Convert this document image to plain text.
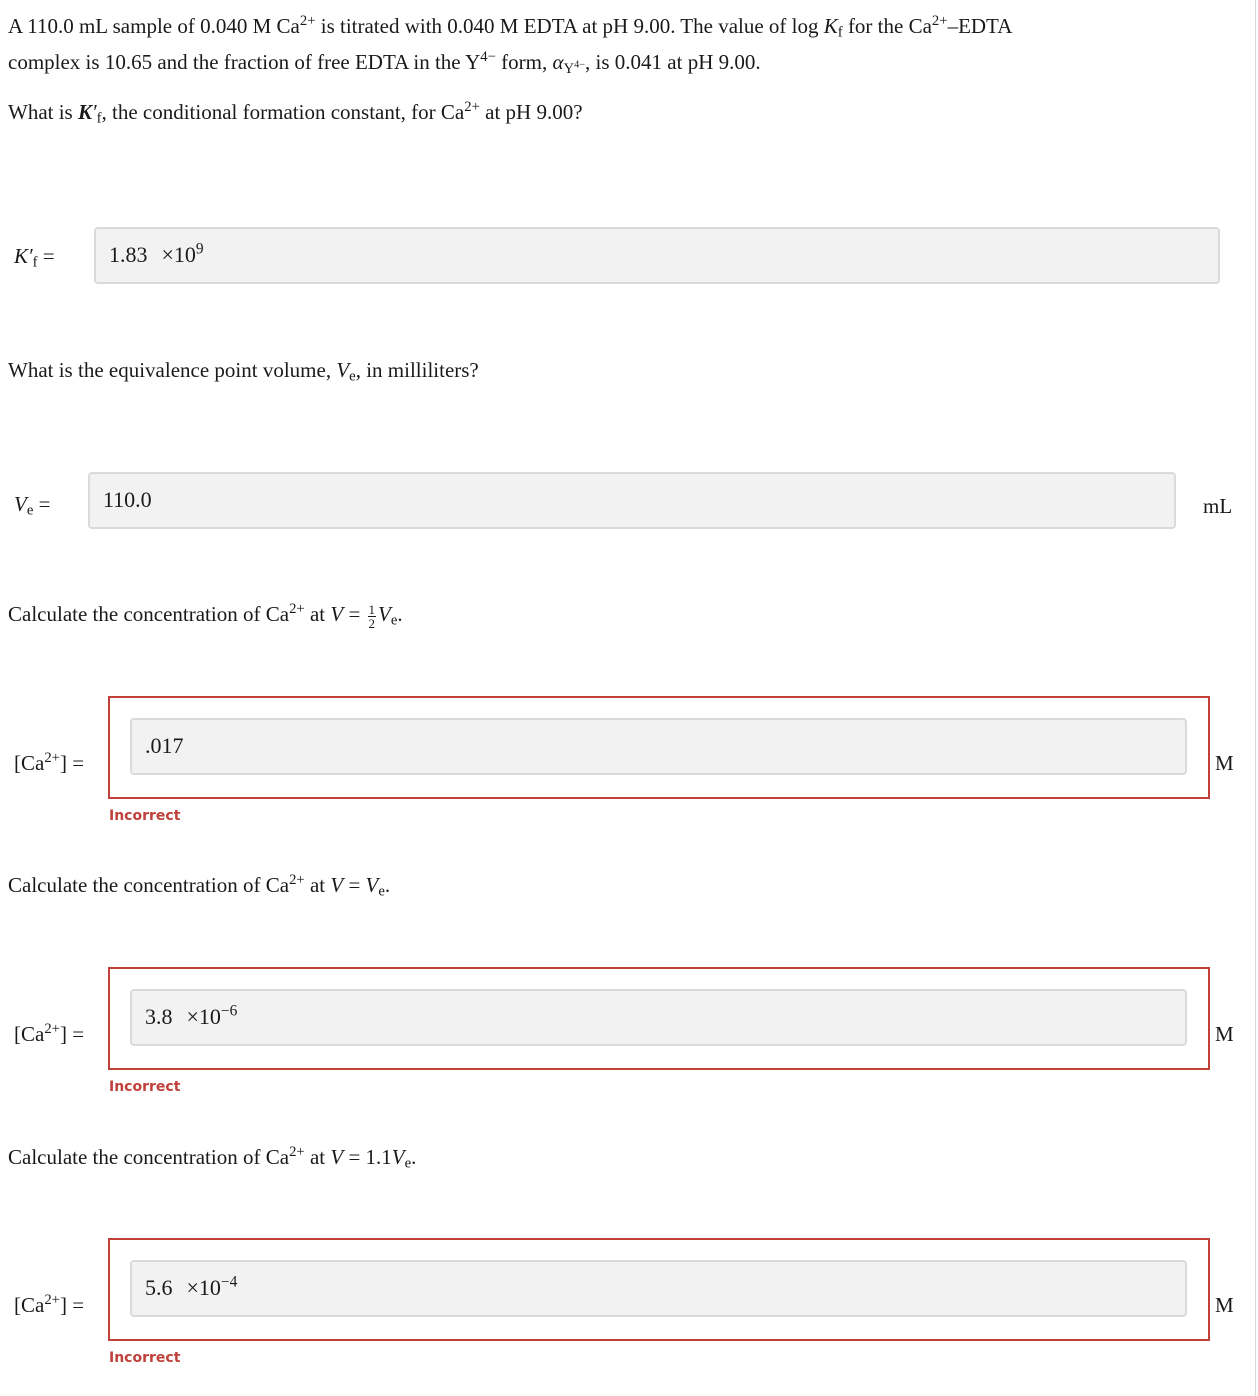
A 110.0 mL sample of 0.040 M $Ca^{2+}$ is titrated with 0.040 M EDTA at pH 9.00. The value of $\log K_f$ for the $Ca^{2+}$–EDTA
complex is 10.65 and the fraction of free EDTA in the $Y^{4-}$ form, $\alpha_{Y^{4-}}$, is 0.041 at pH 9.00.
What is $K'_f$, the conditional formation constant, for $Ca^{2+}$ at pH 9.00?
$K'_f = 1.83 \times 10^9$
What is the equivalence point volume, $V_e$, in milliliters?
$V_e = 110.0$	mL
Calculate the concentration of $Ca^{2+}$ at $V = \frac{1}{2} V_e$.
$[Ca^{2+}]$ =
.017
M
Incorrect
Calculate the concentration of $Ca^{2+}$ at $V = V_e$.
$[Ca^{2+}]$ =
$3.8 \times 10^{-6}$
M
Incorrect
Calculate the concentration of $Ca^{2+}$ at $V = 1.1V_e$.
$[Ca^{2+}]$ =
$5.6 \times 10^{-4}$
M
Incorrect
